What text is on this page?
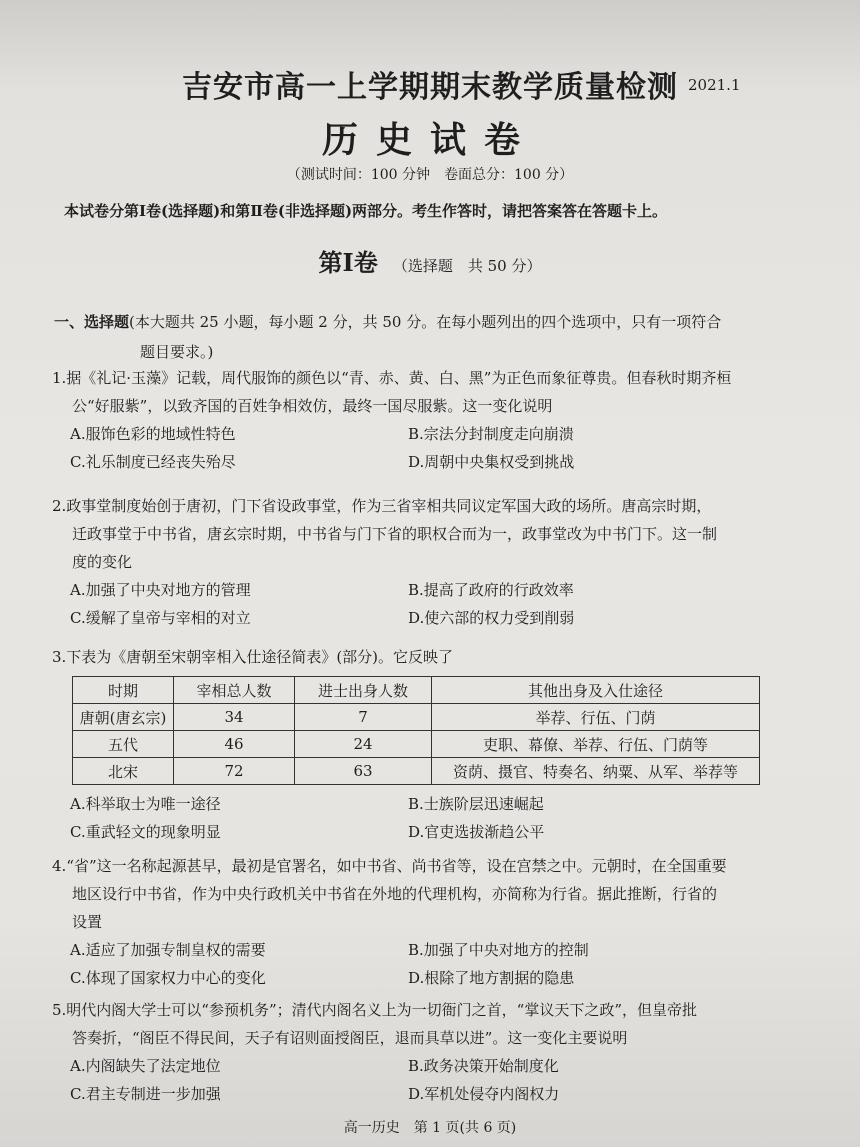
吉安市高一上学期期末教学质量检测 2021.1
历史试卷
（测试时间：100 分钟　卷面总分：100 分）
本试卷分第Ⅰ卷(选择题)和第Ⅱ卷(非选择题)两部分。考生作答时，请把答案答在答题卡上。
第Ⅰ卷 （选择题　共 50 分）
一、选择题(本大题共 25 小题，每小题 2 分，共 50 分。在每小题列出的四个选项中，只有一项符合
题目要求。)
1.据《礼记·玉藻》记载，周代服饰的颜色以“青、赤、黄、白、黑”为正色而象征尊贵。但春秋时期齐桓
公“好服紫”，以致齐国的百姓争相效仿，最终一国尽服紫。这一变化说明
A.服饰色彩的地域性特色	B.宗法分封制度走向崩溃
C.礼乐制度已经丧失殆尽	D.周朝中央集权受到挑战
2.政事堂制度始创于唐初，门下省设政事堂，作为三省宰相共同议定军国大政的场所。唐高宗时期，
迁政事堂于中书省，唐玄宗时期，中书省与门下省的职权合而为一，政事堂改为中书门下。这一制
度的变化
A.加强了中央对地方的管理	B.提高了政府的行政效率
C.缓解了皇帝与宰相的对立	D.使六部的权力受到削弱
3.下表为《唐朝至宋朝宰相入仕途径简表》(部分)。它反映了
时期	宰相总人数	进士出身人数	其他出身及入仕途径
唐朝(唐玄宗)	34	7	举荐、行伍、门荫
五代	46	24	吏职、幕僚、举荐、行伍、门荫等
北宋	72	63	资荫、摄官、特奏名、纳粟、从军、举荐等
A.科举取士为唯一途径	B.士族阶层迅速崛起
C.重武轻文的现象明显	D.官吏选拔渐趋公平
4.“省”这一名称起源甚早，最初是官署名，如中书省、尚书省等，设在宫禁之中。元朝时，在全国重要
地区设行中书省，作为中央行政机关中书省在外地的代理机构，亦简称为行省。据此推断，行省的
设置
A.适应了加强专制皇权的需要	B.加强了中央对地方的控制
C.体现了国家权力中心的变化	D.根除了地方割据的隐患
5.明代内阁大学士可以“参预机务”；清代内阁名义上为一切衙门之首，“掌议天下之政”，但皇帝批
答奏折，“阁臣不得民间，天子有诏则面授阁臣，退而具草以进”。这一变化主要说明
A.内阁缺失了法定地位	B.政务决策开始制度化
C.君主专制进一步加强	D.军机处侵夺内阁权力
高一历史　第 1 页(共 6 页)
